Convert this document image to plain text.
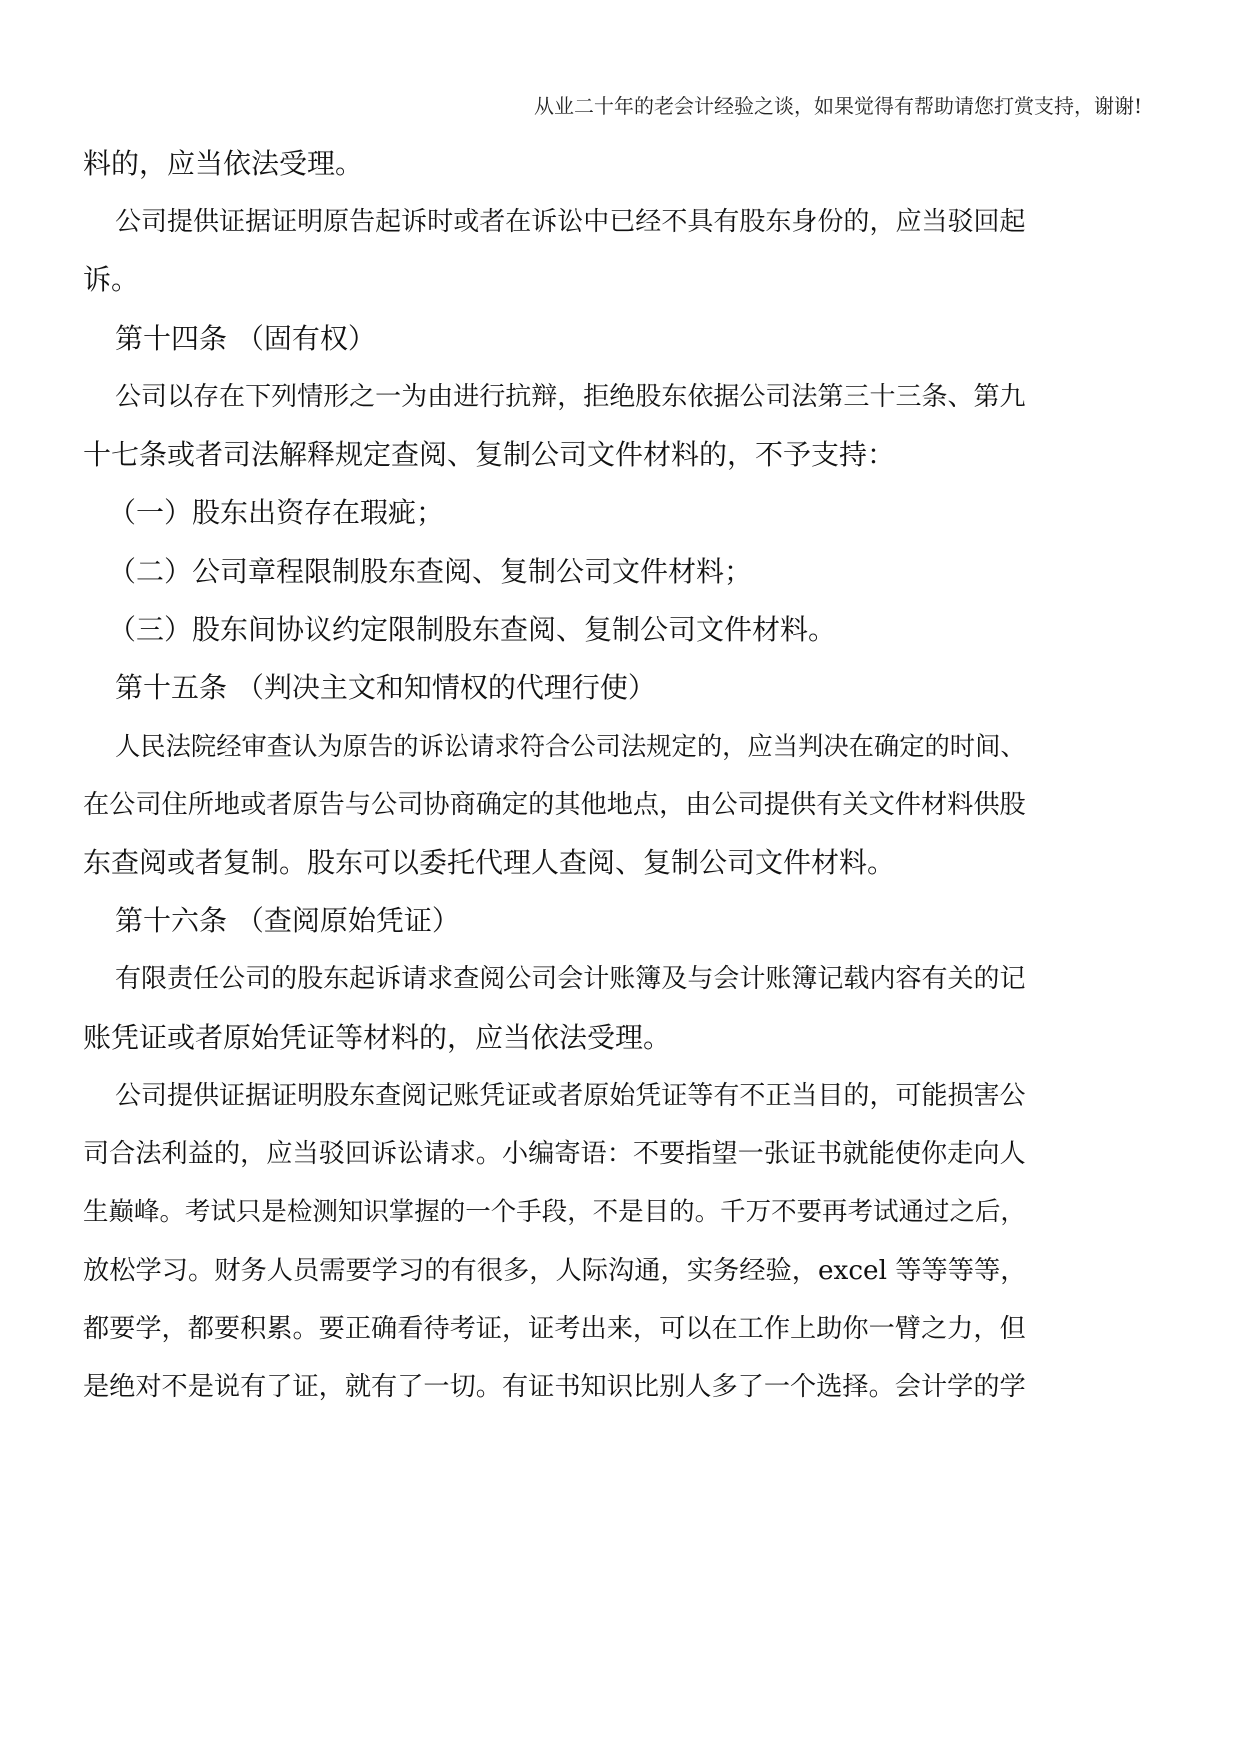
从业二十年的老会计经验之谈，如果觉得有帮助请您打赏支持，谢谢!
料的，应当依法受理。
公司提供证据证明原告起诉时或者在诉讼中已经不具有股东身份的，应当驳回起
诉。
第十四条 （固有权）
公司以存在下列情形之一为由进行抗辩，拒绝股东依据公司法第三十三条、第九
十七条或者司法解释规定查阅、复制公司文件材料的，不予支持：
（一）股东出资存在瑕疵；
（二）公司章程限制股东查阅、复制公司文件材料；
（三）股东间协议约定限制股东查阅、复制公司文件材料。
第十五条 （判决主文和知情权的代理行使）
人民法院经审查认为原告的诉讼请求符合公司法规定的，应当判决在确定的时间、
在公司住所地或者原告与公司协商确定的其他地点，由公司提供有关文件材料供股
东查阅或者复制。股东可以委托代理人查阅、复制公司文件材料。
第十六条 （查阅原始凭证）
有限责任公司的股东起诉请求查阅公司会计账簿及与会计账簿记载内容有关的记
账凭证或者原始凭证等材料的，应当依法受理。
公司提供证据证明股东查阅记账凭证或者原始凭证等有不正当目的，可能损害公
司合法利益的，应当驳回诉讼请求。小编寄语：不要指望一张证书就能使你走向人
生巅峰。考试只是检测知识掌握的一个手段，不是目的。千万不要再考试通过之后，
放松学习。财务人员需要学习的有很多，人际沟通，实务经验，excel 等等等等，
都要学，都要积累。要正确看待考证，证考出来，可以在工作上助你一臂之力，但
是绝对不是说有了证，就有了一切。有证书知识比别人多了一个选择。会计学的学
